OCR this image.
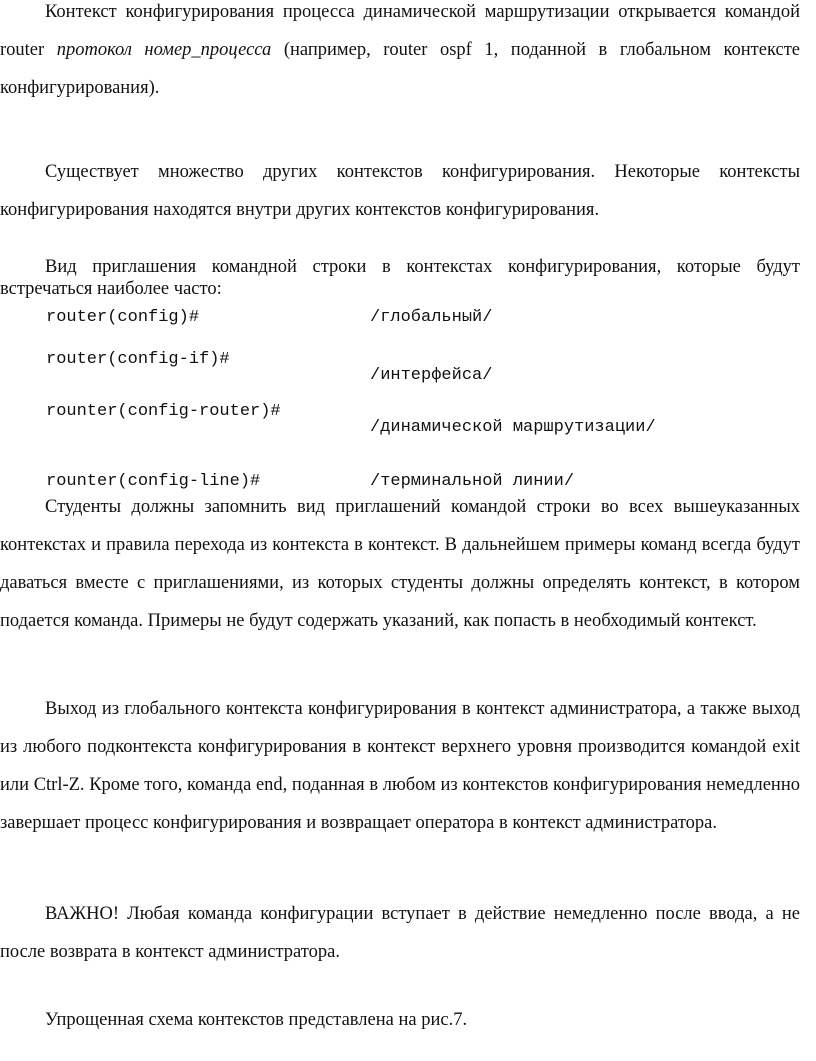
Контекст конфигурирования процесса динамической маршрутизации открывается командой router протокол номер_процесса (например, router ospf 1, поданной в глобальном контексте конфигурирования).

Существует множество других контекстов конфигурирования. Некоторые контексты конфигурирования находятся внутри других контекстов конфигурирования.

Вид приглашения командной строки в контекстах конфигурирования, которые будут встречаться наиболее часто:

router(config)#	/глобальный/
router(config-if)#
/интерфейса/
rounter(config-router)#
/динамической маршрутизации/
rounter(config-line)#	/терминальной линии/

Студенты должны запомнить вид приглашений командой строки во всех вышеуказанных контекстах и правила перехода из контекста в контекст. В дальнейшем примеры команд всегда будут даваться вместе с приглашениями, из которых студенты должны определять контекст, в котором подается команда. Примеры не будут содержать указаний, как попасть в необходимый контекст.

Выход из глобального контекста конфигурирования в контекст администратора, а также выход из любого подконтекста конфигурирования в контекст верхнего уровня производится командой exit или Ctrl-Z. Кроме того, команда end, поданная в любом из контекстов конфигурирования немедленно завершает процесс конфигурирования и возвращает оператора в контекст администратора.

ВАЖНО! Любая команда конфигурации вступает в действие немедленно после ввода, а не после возврата в контекст администратора.

Упрощенная схема контекстов представлена на рис.7.
